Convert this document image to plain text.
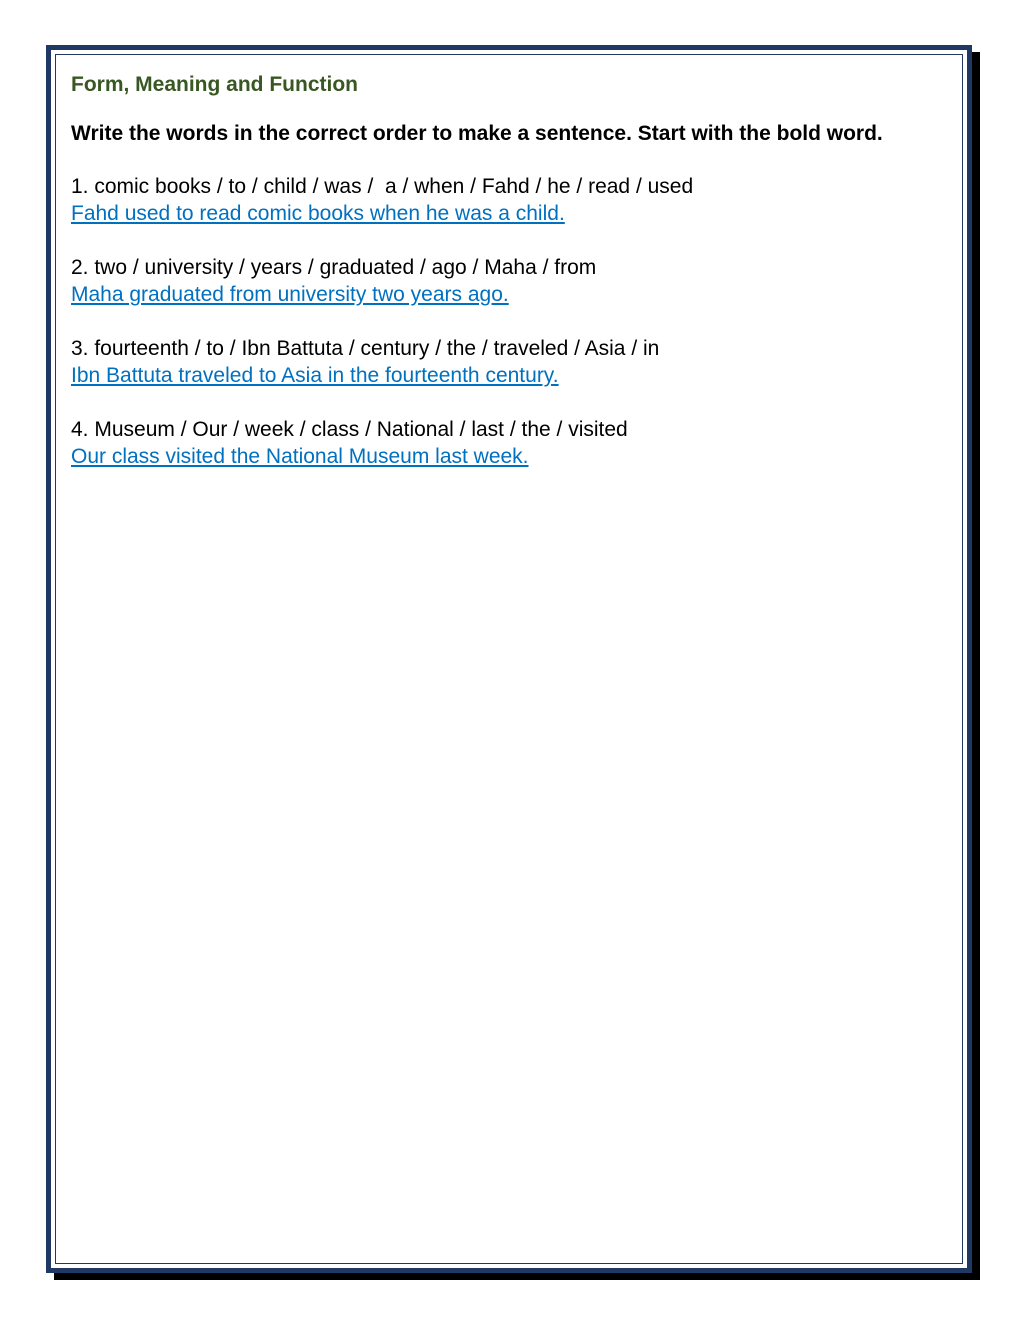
Form, Meaning and Function
Write the words in the correct order to make a sentence. Start with the bold word.
1. comic books / to / child / was /  a / when / Fahd / he / read / used
Fahd used to read comic books when he was a child.
2. two / university / years / graduated / ago / Maha / from
Maha graduated from university two years ago.
3. fourteenth / to / Ibn Battuta / century / the / traveled / Asia / in
Ibn Battuta traveled to Asia in the fourteenth century.
4. Museum / Our / week / class / National / last / the / visited
Our class visited the National Museum last week.
